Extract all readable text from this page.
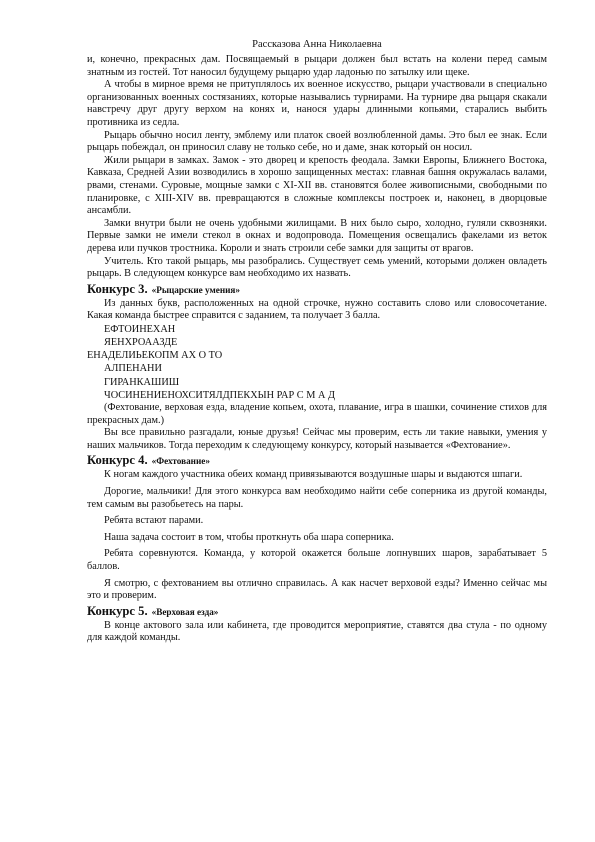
Рассказова Анна Николаевна

и, конечно, прекрасных дам. Посвящаемый в рыцари должен был встать на колени перед самым знатным из гостей. Тот наносил будущему рыцарю удар ладонью по затылку или щеке.

А чтобы в мирное время не притуплялось их военное искусство, рыцари участвовали в специально организованных военных состязаниях, которые назывались турнирами. На турнире два рыцаря скакали навстречу друг другу верхом на конях и, нанося удары длинными копьями, старались выбить противника из седла.

Рыцарь обычно носил ленту, эмблему или платок своей возлюбленной дамы. Это был ее знак. Если рыцарь побеждал, он приносил славу не только себе, но и даме, знак который он носил.

Жили рыцари в замках. Замок - это дворец и крепость феодала. Замки Европы, Ближнего Востока, Кавказа, Средней Азии возводились в хорошо защищенных местах: главная башня окружалась валами, рвами, стенами. Суровые, мощные замки с XI-XII вв. становятся более живописными, свободными по планировке, с XIII-XIV вв. превращаются в сложные комплексы построек и, наконец, в дворцовые ансамбли.

Замки внутри были не очень удобными жилищами. В них было сыро, холодно, гуляли сквозняки. Первые замки не имели стекол в окнах и водопровода. Помещения освещались факелами из веток дерева или пучков тростника. Короли и знать строили себе замки для защиты от врагов.

Учитель. Кто такой рыцарь, мы разобрались. Существует семь умений, которыми должен овладеть рыцарь. В следующем конкурсе вам необходимо их назвать.

Конкурс 3. «Рыцарские умения»

Из данных букв, расположенных на одной строчке, нужно составить слово или словосочетание. Какая команда быстрее справится с заданием, та получает 3 балла.

ЕФТОИНЕХАН
ЯЕНХРОААЗДЕ
ЕНАДЕЛИЬЕКОПМ АХ О ТО
АЛПЕНАНИ
ГИРАНКАШИШ
ЧОСИНЕНИЕНОХСИТЯЛДПЕКХЫН РАР С М А Д

(Фехтование, верховая езда, владение копьем, охота, плавание, игра в шашки, сочинение стихов для прекрасных дам.)

Вы все правильно разгадали, юные друзья! Сейчас мы проверим, есть ли такие навыки, умения у наших мальчиков. Тогда переходим к следующему конкурсу, который называется «Фехтование».

Конкурс 4. «Фехтование»

К ногам каждого участника обеих команд привязываются воздушные шары и выдаются шпаги.

Дорогие, мальчики! Для этого конкурса вам необходимо найти себе соперника из другой команды, тем самым вы разобьетесь на пары.

Ребята встают парами.

Наша задача состоит в том, чтобы проткнуть оба шара соперника.

Ребята соревнуются. Команда, у которой окажется больше лопнувших шаров, зарабатывает 5 баллов.

Я смотрю, с фехтованием вы отлично справилась. А как насчет верховой езды? Именно сейчас мы это и проверим.

Конкурс 5. «Верховая езда»

В конце актового зала или кабинета, где проводится мероприятие, ставятся два стула - по одному для каждой команды.
